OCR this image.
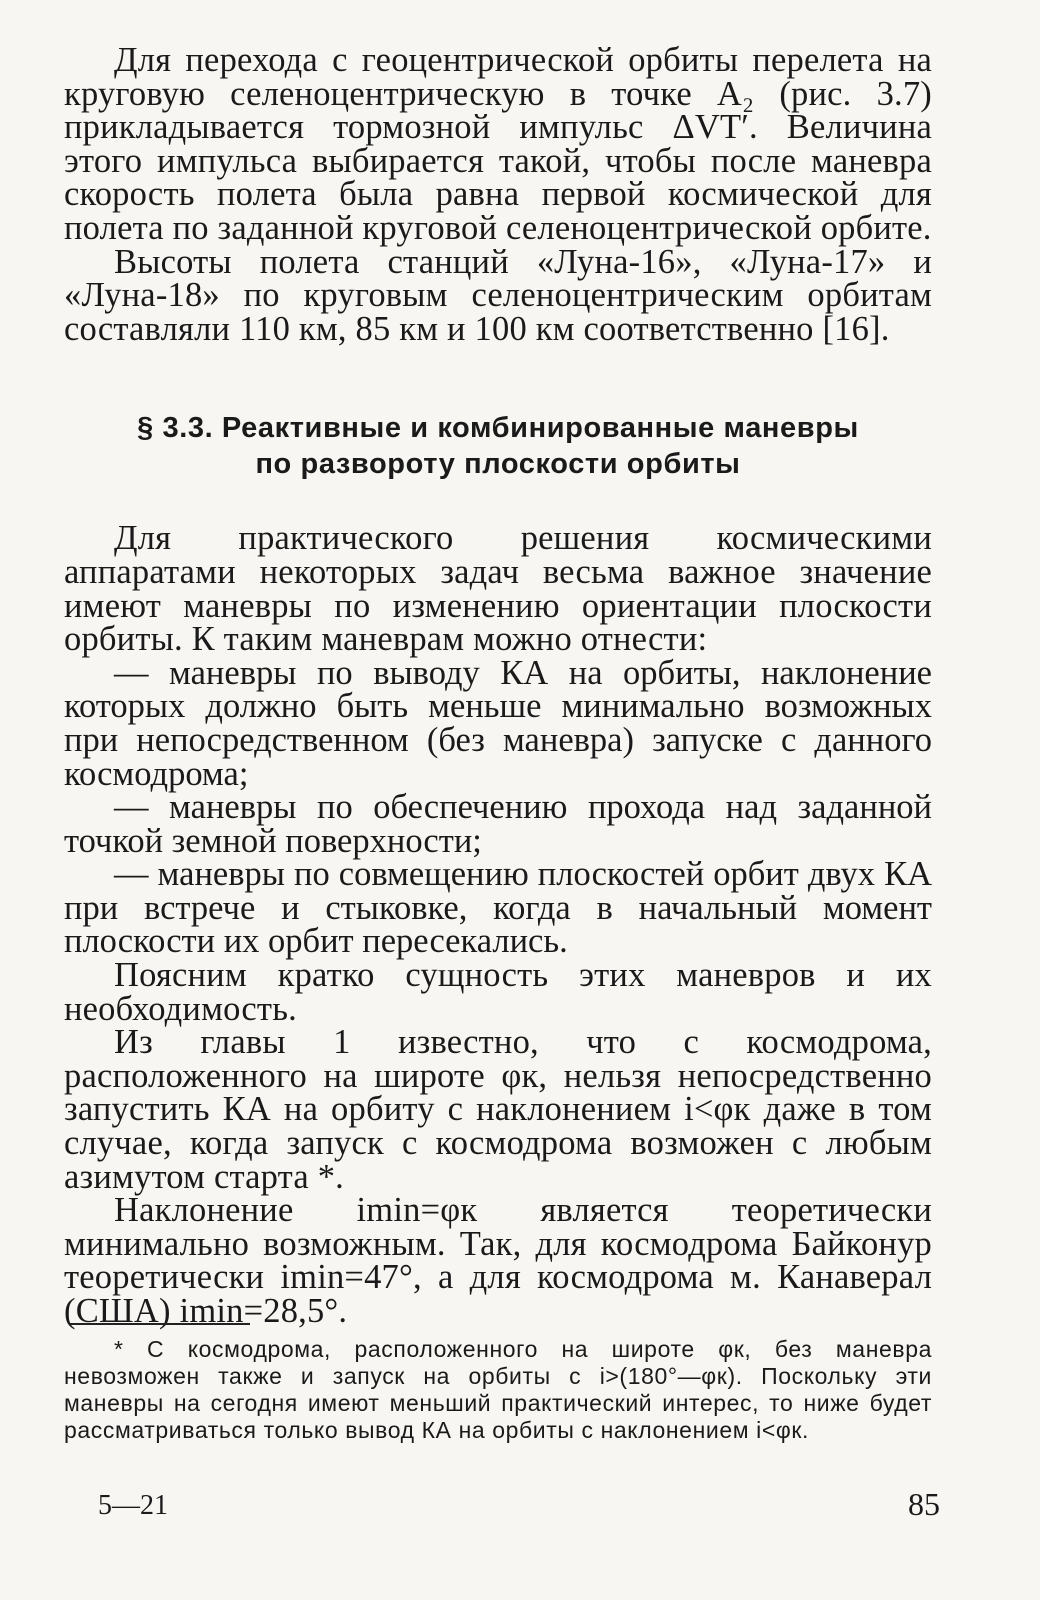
Для перехода с геоцентрической орбиты перелета на круговую селеноцентрическую в точке A₂ (рис. 3.7) прикладывается тормозной импульс ΔVT′. Величина этого импульса выбирается такой, чтобы после маневра скорость полета была равна первой космической для полета по заданной круговой селеноцентрической орбите.

Высоты полета станций «Луна-16», «Луна-17» и «Луна-18» по круговым селеноцентрическим орбитам составляли 110 км, 85 км и 100 км соответственно [16].

§ 3.3. Реактивные и комбинированные маневры
по развороту плоскости орбиты

Для практического решения космическими аппаратами некоторых задач весьма важное значение имеют маневры по изменению ориентации плоскости орбиты. К таким маневрам можно отнести:

— маневры по выводу КА на орбиты, наклонение которых должно быть меньше минимально возможных при непосредственном (без маневра) запуске с данного космодрома;

— маневры по обеспечению прохода над заданной точкой земной поверхности;

— маневры по совмещению плоскостей орбит двух КА при встрече и стыковке, когда в начальный момент плоскости их орбит пересекались.

Поясним кратко сущность этих маневров и их необходимость.

Из главы 1 известно, что с космодрома, расположенного на широте φк, нельзя непосредственно запустить КА на орбиту с наклонением i<φк даже в том случае, когда запуск с космодрома возможен с любым азимутом старта *.

Наклонение imin=φк является теоретически минимально возможным. Так, для космодрома Байконур теоретически imin=47°, а для космодрома м. Канаверал (США) imin=28,5°.

* С космодрома, расположенного на широте φк, без маневра невозможен также и запуск на орбиты с i>(180°—φк). Поскольку эти маневры на сегодня имеют меньший практический интерес, то ниже будет рассматриваться только вывод КА на орбиты с наклонением i<φк.
5—21	85
